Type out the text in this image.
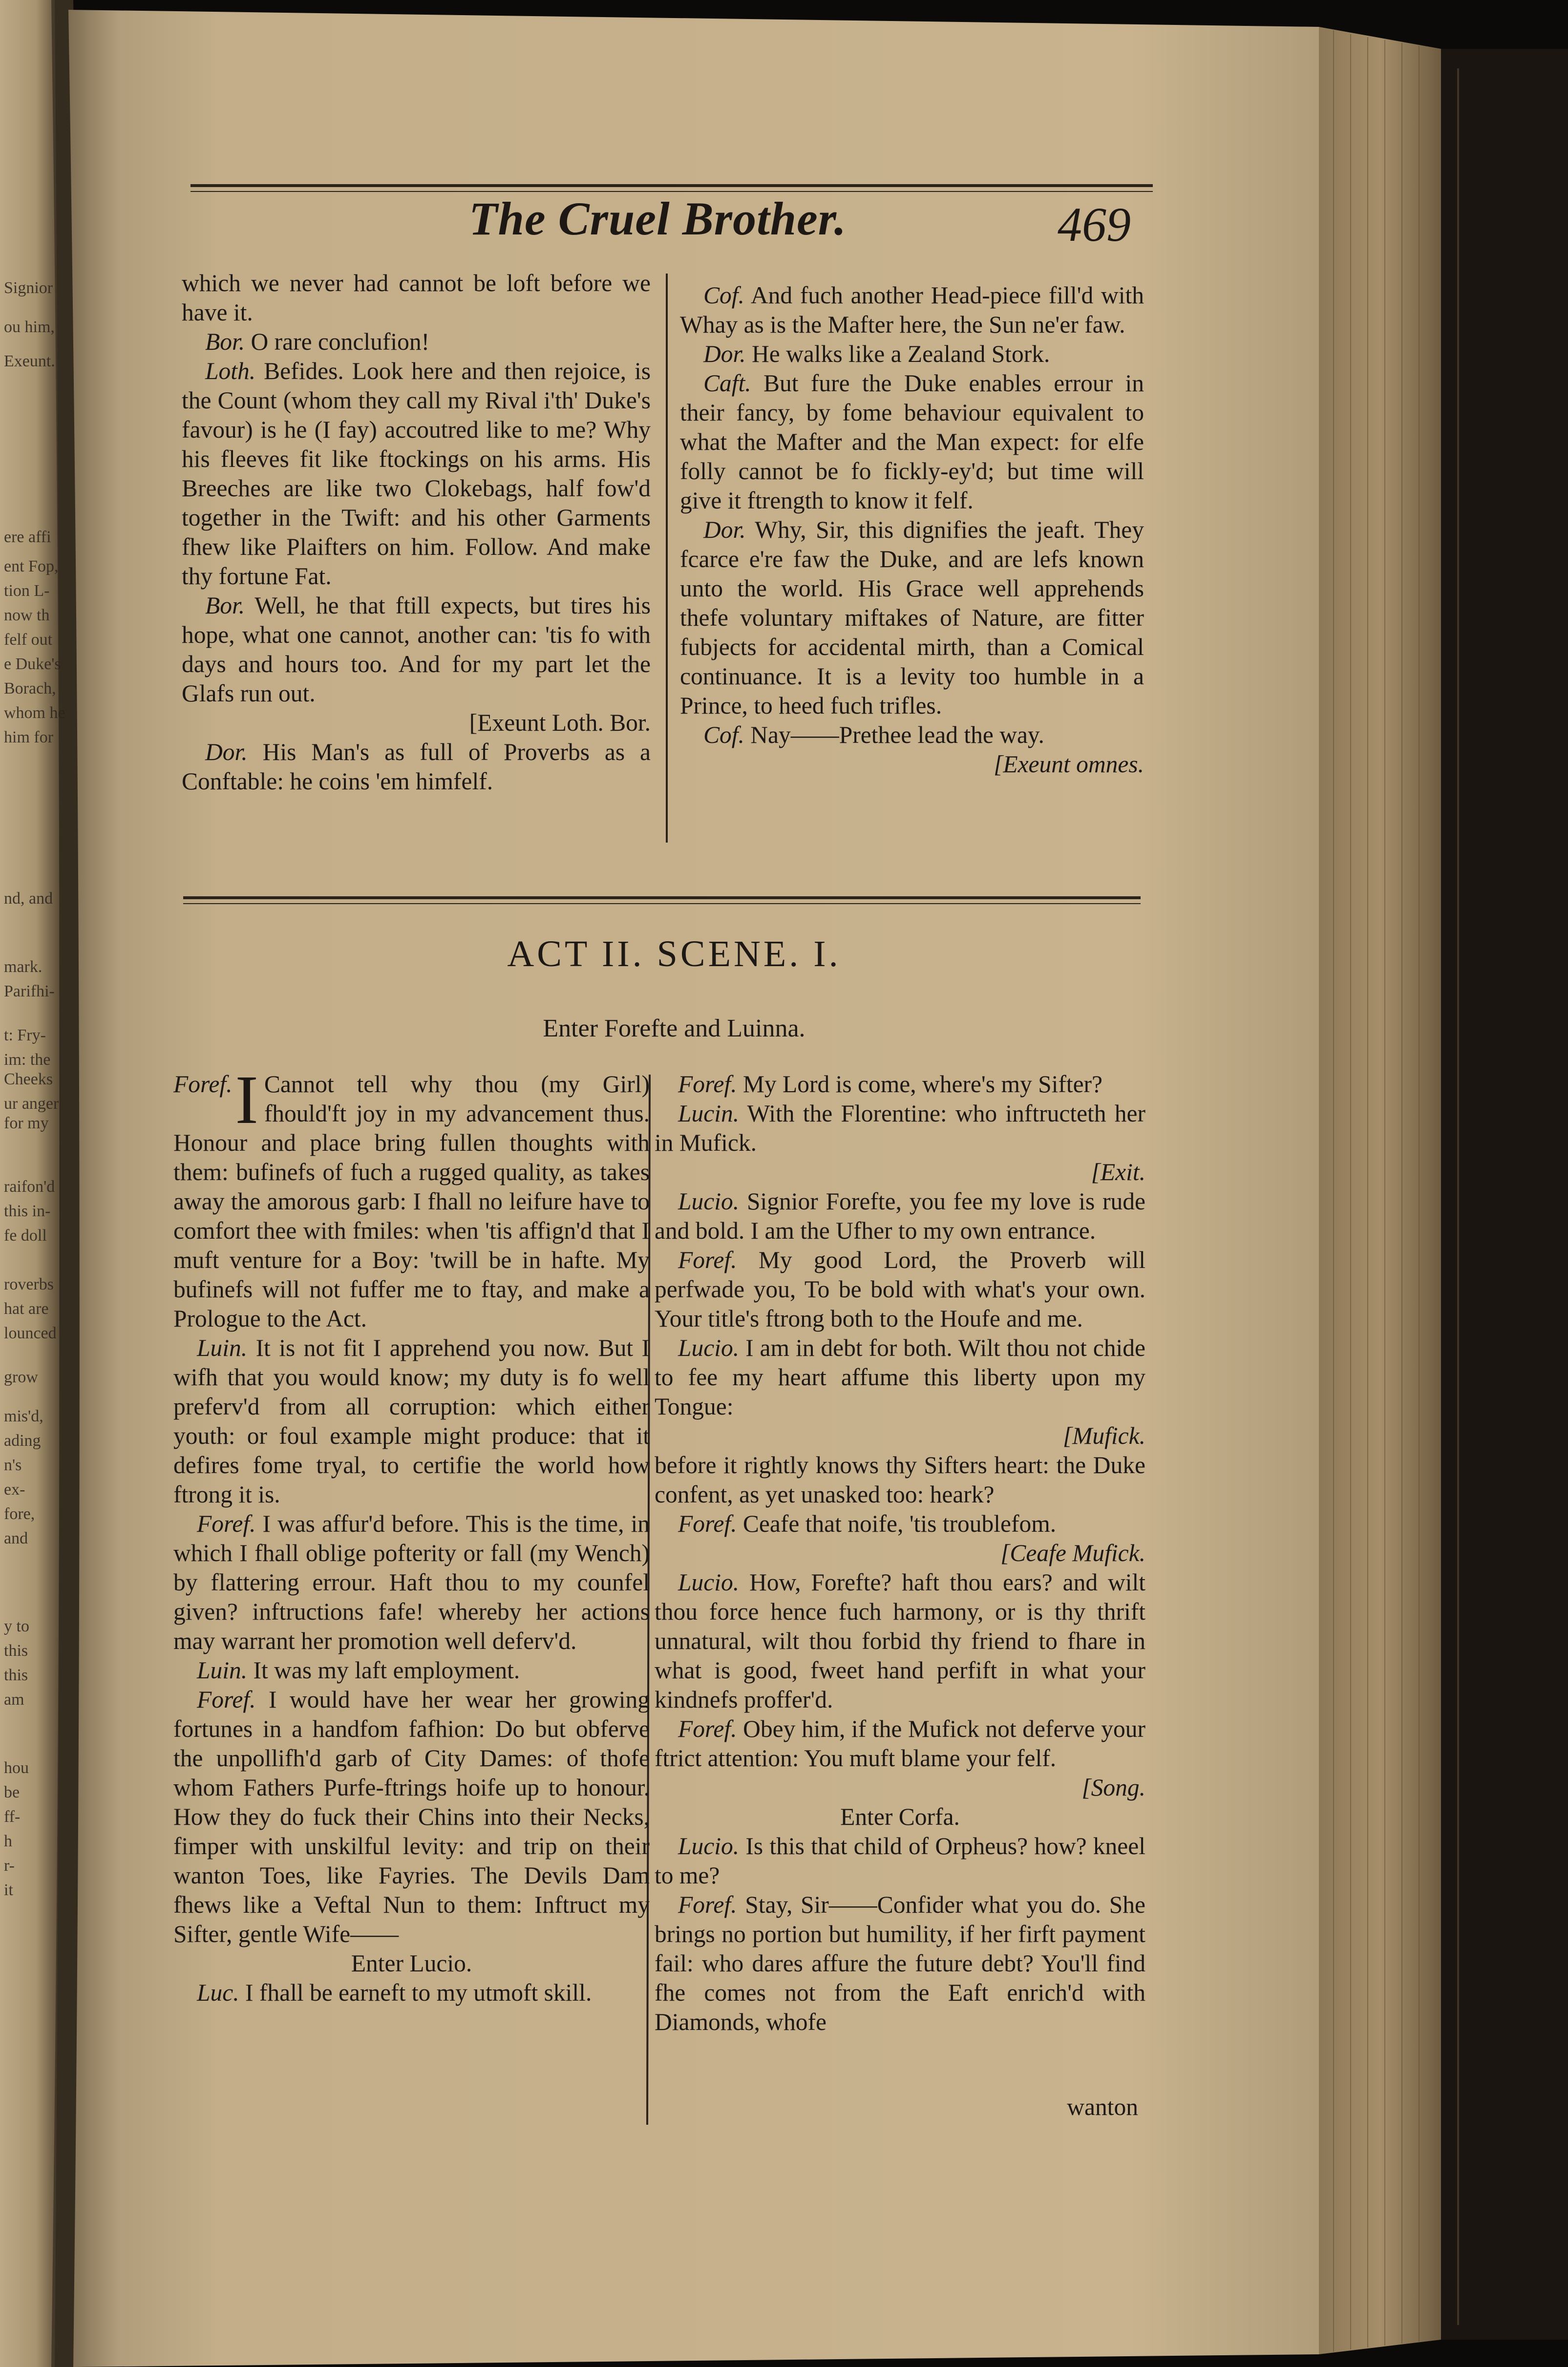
Signior
ou him,
Exeunt.
ere affi
ent Fop,
tion L-
now th
felf out
e Duke's
Borach,
whom he
him for
nd, and
mark.
Parifhi-
t: Fry-
im: the
Cheeks
ur anger
for my
raifon'd
this in-
fe doll
roverbs
hat are
lounced
grow
mis'd,
ading
n's
ex-
fore,
and
y to
this
this
am
hou
be
ff-
h
r-
it
The Cruel Brother.	469

which we never had cannot be loft before we have it.

Bor. O rare conclufion!

Loth. Befides. Look here and then rejoice, is the Count (whom they call my Rival i'th' Duke's favour) is he (I fay) accoutred like to me? Why his fleeves fit like ftockings on his arms. His Breeches are like two Clokebags, half fow'd together in the Twift: and his other Garments fhew like Plaifters on him. Follow. And make thy fortune Fat.

Bor. Well, he that ftill expects, but tires his hope, what one cannot, another can: 'tis fo with days and hours too. And for my part let the Glafs run out.

[Exeunt Loth. Bor.

Dor. His Man's as full of Proverbs as a Conftable: he coins 'em himfelf.

Cof. And fuch another Head-piece fill'd with Whay as is the Mafter here, the Sun ne'er faw.

Dor. He walks like a Zealand Stork.

Caft. But fure the Duke enables errour in their fancy, by fome behaviour equivalent to what the Mafter and the Man expect: for elfe folly cannot be fo fickly-ey'd; but time will give it ftrength to know it felf.

Dor. Why, Sir, this dignifies the jeaft. They fcarce e're faw the Duke, and are lefs known unto the world. His Grace well apprehends thefe voluntary miftakes of Nature, are fitter fubjects for accidental mirth, than a Comical continuance. It is a levity too humble in a Prince, to heed fuch trifles.

Cof. Nay——Prethee lead the way.

[Exeunt omnes.

ACT II. SCENE. I.
Enter Forefte and Luinna.

Foref. I Cannot tell why thou (my Girl) fhould'ft joy in my advancement thus. Honour and place bring fullen thoughts with them: bufinefs of fuch a rugged quality, as takes away the amorous garb: I fhall no leifure have to comfort thee with fmiles: when 'tis affign'd that I muft venture for a Boy: 'twill be in hafte. My bufinefs will not fuffer me to ftay, and make a Prologue to the Act.

Luin. It is not fit I apprehend you now. But I wifh that you would know; my duty is fo well preferv'd from all corruption: which either youth: or foul example might produce: that it defires fome tryal, to certifie the world how ftrong it is.

Foref. I was affur'd before. This is the time, in which I fhall oblige pofterity or fall (my Wench) by flattering errour. Haft thou to my counfel given? inftructions fafe! whereby her actions may warrant her promotion well deferv'd.

Luin. It was my laft employment.

Foref. I would have her wear her growing fortunes in a handfom fafhion: Do but obferve the unpollifh'd garb of City Dames: of thofe whom Fathers Purfe-ftrings hoife up to honour. How they do fuck their Chins into their Necks, fimper with unskilful levity: and trip on their wanton Toes, like Fayries. The Devils Dam fhews like a Veftal Nun to them: Inftruct my Sifter, gentle Wife——

Enter Lucio.

Luc. I fhall be earneft to my utmoft skill.

Foref. My Lord is come, where's my Sifter?

Lucin. With the Florentine: who inftructeth her in Mufick.

[Exit.

Lucio. Signior Forefte, you fee my love is rude and bold. I am the Ufher to my own entrance.

Foref. My good Lord, the Proverb will perfwade you, To be bold with what's your own. Your title's ftrong both to the Houfe and me.

Lucio. I am in debt for both. Wilt thou not chide to fee my heart affume this liberty upon my Tongue:

[Mufick.

before it rightly knows thy Sifters heart: the Duke confent, as yet unasked too: heark?

Foref. Ceafe that noife, 'tis troublefom.

[Ceafe Mufick.

Lucio. How, Forefte? haft thou ears? and wilt thou force hence fuch harmony, or is thy thrift unnatural, wilt thou forbid thy friend to fhare in what is good, fweet hand perfift in what your kindnefs proffer'd.

Foref. Obey him, if the Mufick not deferve your ftrict attention: You muft blame your felf.

[Song.

Enter Corfa.

Lucio. Is this that child of Orpheus? how? kneel to me?

Foref. Stay, Sir——Confider what you do. She brings no portion but humility, if her firft payment fail: who dares affure the future debt? You'll find fhe comes not from the Eaft enrich'd with Diamonds, whofe

wanton
